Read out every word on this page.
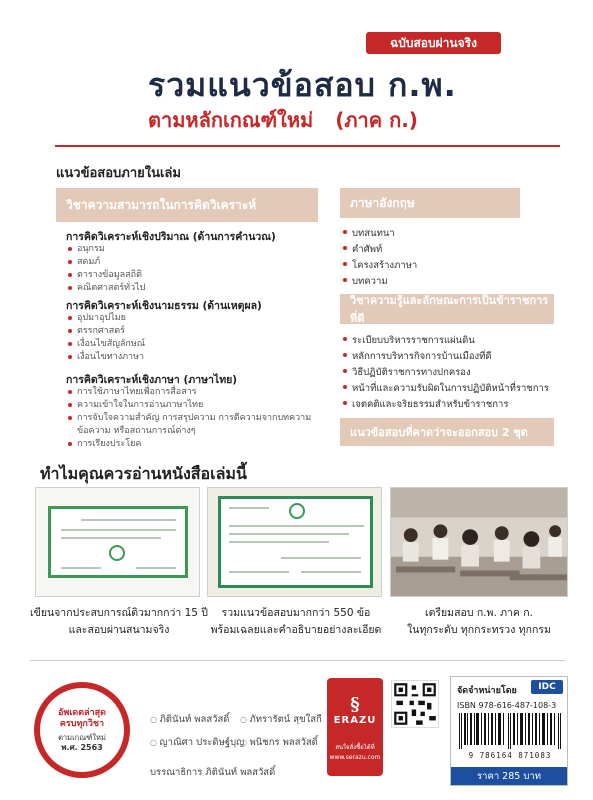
ฉบับสอบผ่านจริง
รวมแนวข้อสอบ ก.พ.
ตามหลักเกณฑ์ใหม่ (ภาค ก.)
แนวข้อสอบภายในเล่ม
วิชาความสามารถในการคิดวิเคราะห์
การคิดวิเคราะห์เชิงปริมาณ (ด้านการคำนวณ)
อนุกรม
สดมภ์
ตารางข้อมูลสถิติ
คณิตศาสตร์ทั่วไป
การคิดวิเคราะห์เชิงนามธรรม (ด้านเหตุผล)
อุปมาอุปไมย
ตรรกศาสตร์
เงื่อนไขสัญลักษณ์
เงื่อนไขทางภาษา
การคิดวิเคราะห์เชิงภาษา (ภาษาไทย)
การใช้ภาษาไทยเพื่อการสื่อสาร
ความเข้าใจในการอ่านภาษาไทย
การจับใจความสำคัญ การสรุปความ การตีความจากบทความ ข้อความ หรือสถานการณ์ต่างๆ
การเรียงประโยค
ภาษาอังกฤษ
บทสนทนา
คำศัพท์
โครงสร้างภาษา
บทความ
วิชาความรู้และลักษณะการเป็นข้าราชการที่ดี
ระเบียบบริหารราชการแผ่นดิน
หลักการบริหารกิจการบ้านเมืองที่ดี
วิธีปฏิบัติราชการทางปกครอง
หน้าที่และความรับผิดในการปฏิบัติหน้าที่ราชการ
เจตคติและจริยธรรมสำหรับข้าราชการ
แนวข้อสอบที่คาดว่าจะออกสอบ 2 ชุด
ทำไมคุณควรอ่านหนังสือเล่มนี้
เขียนจากประสบการณ์ติวมากกว่า 15 ปี
และสอบผ่านสนามจริง
รวมแนวข้อสอบมากกว่า 550 ข้อ
พร้อมเฉลยและคำอธิบายอย่างละเอียด
เตรียมสอบ ก.พ. ภาค ก.
ในทุกระดับ ทุกกระทรวง ทุกกรม
อัพเดตล่าสุด
ครบทุกวิชา
ตามเกณฑ์ใหม่
พ.ศ. 2563
○ ภิตินันท์ พลสวัสดิ์	○ ภัทรารัตน์ สุขใสกี
○ ญาณิศา ประดิษฐ์บุญ ○ พนิชกร พลสวัสดิ์
บรรณาธิการ ภิตินันท์ พลสวัสดิ์
§
ERAZU
สนใจสั่งซื้อได้ที่
www.serazu.com
จัดจำหน่ายโดย	IDC
ISBN 978-616-487-108-3
9 786164 871083
ราคา 285 บาท
